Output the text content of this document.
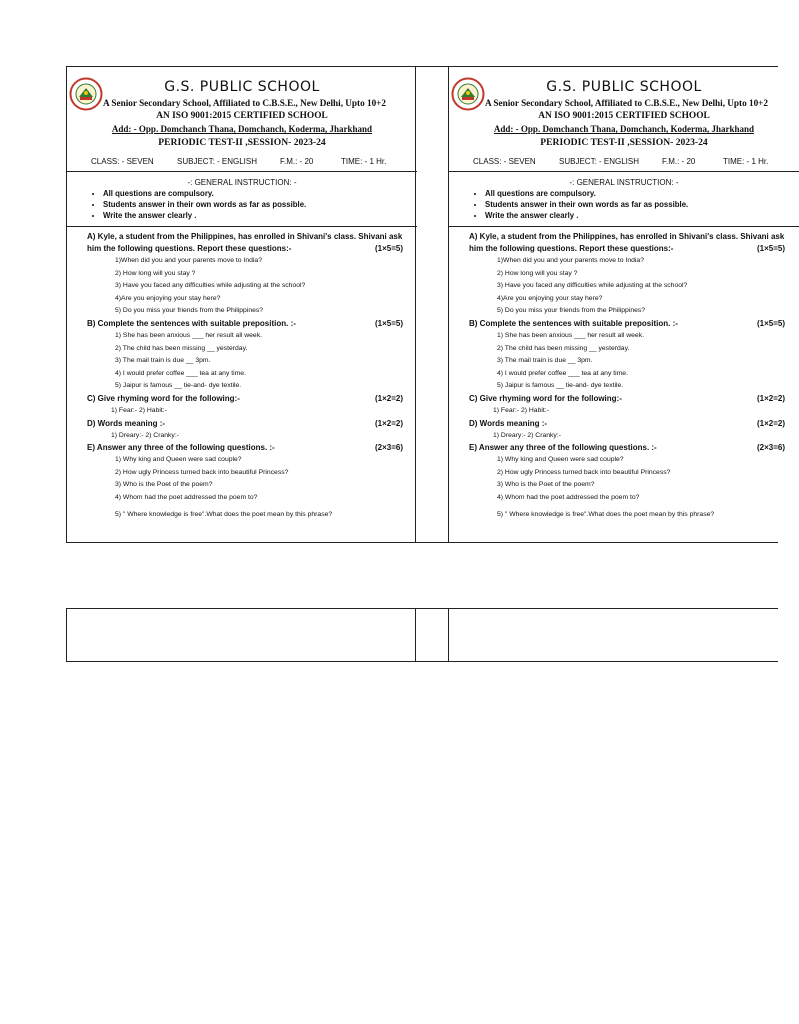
G.S. PUBLIC SCHOOL
A Senior Secondary School, Affiliated to C.B.S.E., New Delhi, Upto 10+2
AN ISO 9001:2015 CERTIFIED SCHOOL
Add: - Opp. Domchanch Thana, Domchanch, Koderma, Jharkhand
PERIODIC TEST-II ,SESSION- 2023-24
CLASS: - SEVEN	SUBJECT: - ENGLISH	F.M.: - 20	TIME: - 1 Hr.
-: GENERAL INSTRUCTION: -
• All questions are compulsory.
• Students answer in their own words as far as possible.
• Write the answer clearly .
A) Kyle, a student from the Philippines, has enrolled in Shivani's class. Shivani ask
him the following questions. Report these questions:-	(1×5=5)
1)When did you and your parents move to India?
2) How long will you stay ?
3) Have you faced any difficulties while adjusting at the school?
4)Are you enjoying your stay here?
5) Do you miss your friends from the Philippines?
B) Complete the sentences with suitable preposition. :-	(1×5=5)
1) She has been anxious ___ her result all week.
2) The child has been missing __ yesterday.
3) The mail train is due __ 3pm.
4) I would prefer coffee ___ tea at any time.
5) Jaipur is famous __ tie-and- dye textile.
C) Give rhyming word for the following:-	(1×2=2)
1) Fear:- 2) Habit:-
D) Words meaning :-	(1×2=2)
1) Dreary:- 2) Cranky:-
E) Answer any three of the following questions. :-	(2×3=6)
1) Why king and Queen were sad couple?
2) How ugly Princess turned back into beautiful Princess?
3) Who is the Poet of the poem?
4) Whom had the poet addressed the poem to?
5) " Where knowledge is free".What does the poet mean by this phrase?
G.S. PUBLIC SCHOOL
A Senior Secondary School, Affiliated to C.B.S.E., New Delhi, Upto 10+2
AN ISO 9001:2015 CERTIFIED SCHOOL
Add: - Opp. Domchanch Thana, Domchanch, Koderma, Jharkhand
PERIODIC TEST-II ,SESSION- 2023-24
CLASS: - SEVEN	SUBJECT: - ENGLISH	F.M.: - 20	TIME: - 1 Hr.
-: GENERAL INSTRUCTION: -
• All questions are compulsory.
• Students answer in their own words as far as possible.
• Write the answer clearly .
A) Kyle, a student from the Philippines, has enrolled in Shivani's class. Shivani ask
him the following questions. Report these questions:-	(1×5=5)
1)When did you and your parents move to India?
2) How long will you stay ?
3) Have you faced any difficulties while adjusting at the school?
4)Are you enjoying your stay here?
5) Do you miss your friends from the Philippines?
B) Complete the sentences with suitable preposition. :-	(1×5=5)
1) She has been anxious ___ her result all week.
2) The child has been missing __ yesterday.
3) The mail train is due __ 3pm.
4) I would prefer coffee ___ tea at any time.
5) Jaipur is famous __ tie-and- dye textile.
C) Give rhyming word for the following:-	(1×2=2)
1) Fear:- 2) Habit:-
D) Words meaning :-	(1×2=2)
1) Dreary:- 2) Cranky:-
E) Answer any three of the following questions. :-	(2×3=6)
1) Why king and Queen were sad couple?
2) How ugly Princess turned back into beautiful Princess?
3) Who is the Poet of the poem?
4) Whom had the poet addressed the poem to?
5) " Where knowledge is free".What does the poet mean by this phrase?
